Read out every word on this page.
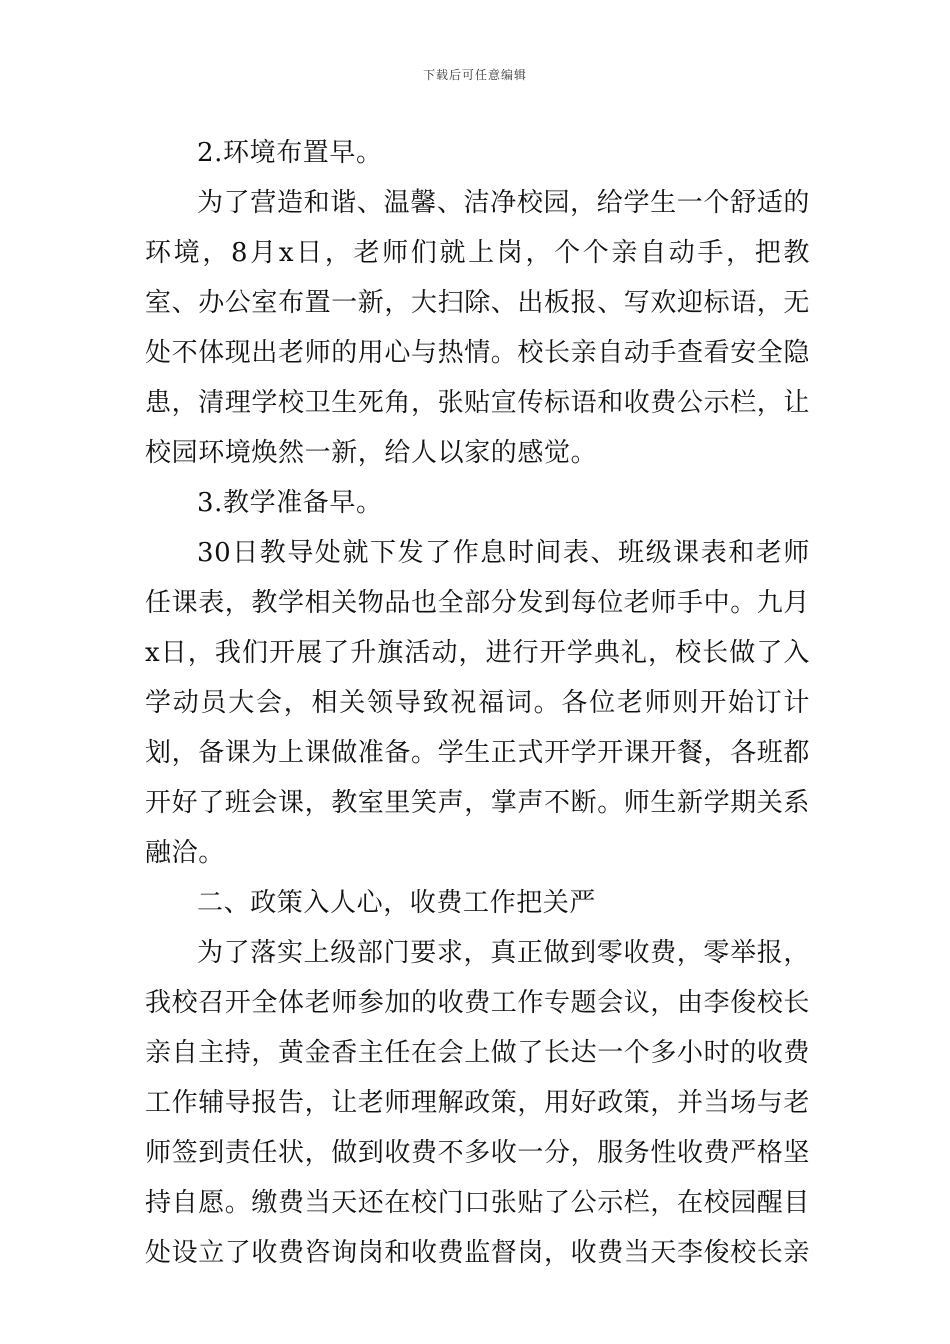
下载后可任意编辑

2.环境布置早。

为了营造和谐、温馨、洁净校园，给学生一个舒适的环境，8月x日，老师们就上岗，个个亲自动手，把教室、办公室布置一新，大扫除、出板报、写欢迎标语，无处不体现出老师的用心与热情。校长亲自动手查看安全隐患，清理学校卫生死角，张贴宣传标语和收费公示栏，让校园环境焕然一新，给人以家的感觉。

3.教学准备早。

30日教导处就下发了作息时间表、班级课表和老师任课表，教学相关物品也全部分发到每位老师手中。九月x日，我们开展了升旗活动，进行开学典礼，校长做了入学动员大会，相关领导致祝福词。各位老师则开始订计划，备课为上课做准备。学生正式开学开课开餐，各班都开好了班会课，教室里笑声，掌声不断。师生新学期关系融洽。

二、政策入人心，收费工作把关严

为了落实上级部门要求，真正做到零收费，零举报，我校召开全体老师参加的收费工作专题会议，由李俊校长亲自主持，黄金香主任在会上做了长达一个多小时的收费工作辅导报告，让老师理解政策，用好政策，并当场与老师签到责任状，做到收费不多收一分，服务性收费严格坚持自愿。缴费当天还在校门口张贴了公示栏，在校园醒目处设立了收费咨询岗和收费监督岗，收费当天李俊校长亲
